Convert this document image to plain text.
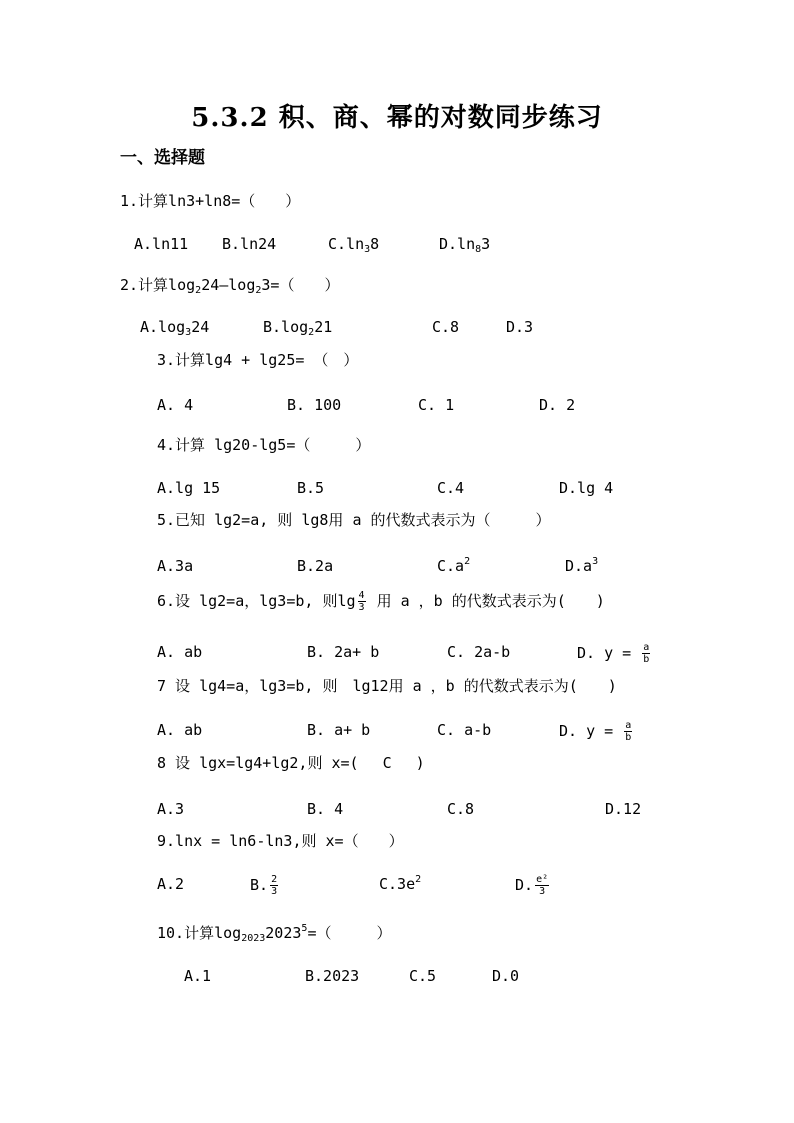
5.3.2 积、商、幂的对数同步练习
一、选择题
1.计算ln3+ln8=（　　）
A.ln11 B.ln24	$C.\ln_38$	$D.\ln_83$
2.计算$\log_224—\log_23=$（　　）
$A.\log_324$	$B.\log_221$	C.8	D.3
3.计算lg4 + lg25= （　）
A. 4	B. 100	C. 1	D. 2
4.计算 lg20-lg5=（　　　）
A.lg 15	B.5	C.4	D.lg 4
5.已知 lg2=a, 则 lg8用 a 的代数式表示为（　　　）
A.3a	B.2a	$C.a^2$	$D.a^3$
6.设 lg2=a，lg3=b, 则$\lg \frac{4}{3}$ 用 a ，b 的代数式表示为(　　)
A. ab	B. 2a+ b	C. 2a-b	D. $y = \frac{a}{b}$
7 设 lg4=a，lg3=b, 则　lg12用 a ，b 的代数式表示为(　　)
A. ab	B. a+ b	C. a-b	D. $y = \frac{a}{b}$
8 设 lgx=lg4+lg2,则 x=(　 C　 )
A.3	B. 4	C.8	D.12
9.lnx = ln6-ln3,则 x=（　　）
A.2	B. $\frac{2}{3}$	$C.3e^2$	D. $\frac{\text{e²}}{3}$
10.计算$\log_{2023}2023^5=$（　　　）
A.1	B.2023	C.5	D.0
